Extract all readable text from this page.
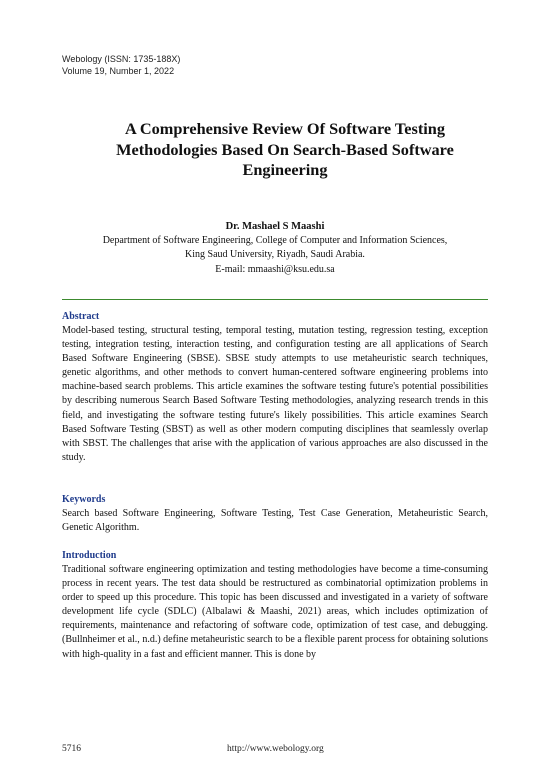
Webology (ISSN: 1735-188X)
Volume 19, Number 1, 2022
A Comprehensive Review Of Software Testing Methodologies Based On Search-Based Software Engineering
Dr. Mashael S Maashi
Department of Software Engineering, College of Computer and Information Sciences,
King Saud University, Riyadh, Saudi Arabia.
E-mail: mmaashi@ksu.edu.sa
Abstract

Model-based testing, structural testing, temporal testing, mutation testing, regression testing, exception testing, integration testing, interaction testing, and configuration testing are all applications of Search Based Software Engineering (SBSE). SBSE study attempts to use metaheuristic search techniques, genetic algorithms, and other methods to convert human-centered software engineering problems into machine-based search problems. This article examines the software testing future's potential possibilities by describing numerous Search Based Software Testing methodologies, analyzing research trends in this field, and investigating the software testing future's likely possibilities. This article examines Search Based Software Testing (SBST) as well as other modern computing disciplines that seamlessly overlap with SBST. The challenges that arise with the application of various approaches are also discussed in the study.

Keywords

Search based Software Engineering, Software Testing, Test Case Generation, Metaheuristic Search, Genetic Algorithm.

Introduction

Traditional software engineering optimization and testing methodologies have become a time-consuming process in recent years. The test data should be restructured as combinatorial optimization problems in order to speed up this procedure. This topic has been discussed and investigated in a variety of software development life cycle (SDLC) (Albalawi & Maashi, 2021) areas, which includes optimization of requirements, maintenance and refactoring of software code, optimization of test case, and debugging. (Bullnheimer et al., n.d.) define metaheuristic search to be a flexible parent process for obtaining solutions with high-quality in a fast and efficient manner. This is done by

5716	http://www.webology.org
